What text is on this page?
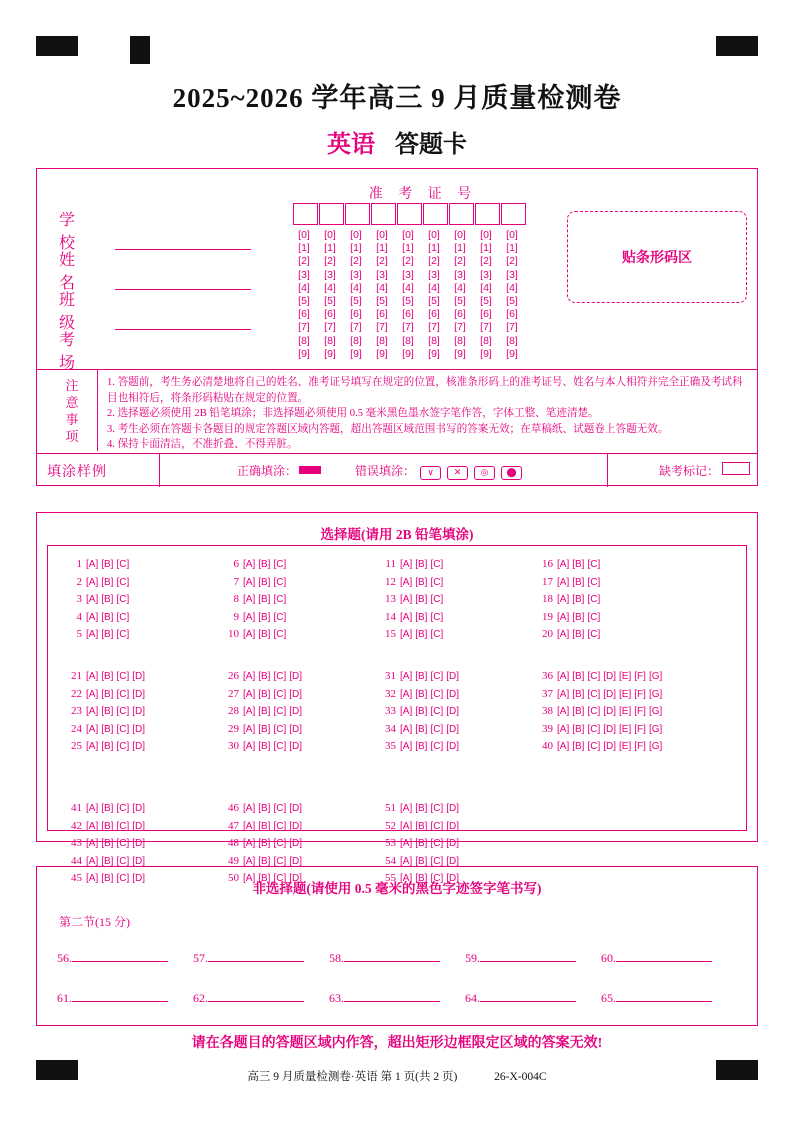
2025~2026 学年高三 9 月质量检测卷
英语 答题卡
学 校
姓 名
班 级
考 场
准 考 证 号
[0]	[0]	[0]	[0]	[0]	[0]	[0]	[0]	[0]
[1]	[1]	[1]	[1]	[1]	[1]	[1]	[1]	[1]
[2]	[2]	[2]	[2]	[2]	[2]	[2]	[2]	[2]
[3]	[3]	[3]	[3]	[3]	[3]	[3]	[3]	[3]
[4]	[4]	[4]	[4]	[4]	[4]	[4]	[4]	[4]
[5]	[5]	[5]	[5]	[5]	[5]	[5]	[5]	[5]
[6]	[6]	[6]	[6]	[6]	[6]	[6]	[6]	[6]
[7]	[7]	[7]	[7]	[7]	[7]	[7]	[7]	[7]
[8]	[8]	[8]	[8]	[8]	[8]	[8]	[8]	[8]
[9]	[9]	[9]	[9]	[9]	[9]	[9]	[9]	[9]
贴条形码区
注
意
事
项

1. 答题前，考生务必清楚地将自己的姓名、准考证号填写在规定的位置，核准条形码上的准考证号、姓名与本人相符并完全正确及考试科目也相符后，将条形码粘贴在规定的位置。

2. 选择题必须使用 2B 铅笔填涂；非选择题必须使用 0.5 毫米黑色墨水签字笔作答，字体工整、笔迹清楚。

3. 考生必须在答题卡各题目的规定答题区域内答题，超出答题区域范围书写的答案无效；在草稿纸、试题卷上答题无效。

4. 保持卡面清洁，不准折叠、不得弄脏。

填涂样例	正确填涂：	错误填涂： ∨ ✕ ◎ ⬤	缺考标记：
选择题(请用 2B 铅笔填涂)
1 [A] [B] [C]
2 [A] [B] [C]
3 [A] [B] [C]
4 [A] [B] [C]
5 [A] [B] [C]
6 [A] [B] [C]
7 [A] [B] [C]
8 [A] [B] [C]
9 [A] [B] [C]
10 [A] [B] [C]
11 [A] [B] [C]
12 [A] [B] [C]
13 [A] [B] [C]
14 [A] [B] [C]
15 [A] [B] [C]
16 [A] [B] [C]
17 [A] [B] [C]
18 [A] [B] [C]
19 [A] [B] [C]
20 [A] [B] [C]
21 [A] [B] [C] [D]
22 [A] [B] [C] [D]
23 [A] [B] [C] [D]
24 [A] [B] [C] [D]
25 [A] [B] [C] [D]
26 [A] [B] [C] [D]
27 [A] [B] [C] [D]
28 [A] [B] [C] [D]
29 [A] [B] [C] [D]
30 [A] [B] [C] [D]
31 [A] [B] [C] [D]
32 [A] [B] [C] [D]
33 [A] [B] [C] [D]
34 [A] [B] [C] [D]
35 [A] [B] [C] [D]
36 [A] [B] [C] [D] [E] [F] [G]
37 [A] [B] [C] [D] [E] [F] [G]
38 [A] [B] [C] [D] [E] [F] [G]
39 [A] [B] [C] [D] [E] [F] [G]
40 [A] [B] [C] [D] [E] [F] [G]
41 [A] [B] [C] [D]
42 [A] [B] [C] [D]
43 [A] [B] [C] [D]
44 [A] [B] [C] [D]
45 [A] [B] [C] [D]
46 [A] [B] [C] [D]
47 [A] [B] [C] [D]
48 [A] [B] [C] [D]
49 [A] [B] [C] [D]
50 [A] [B] [C] [D]
51 [A] [B] [C] [D]
52 [A] [B] [C] [D]
53 [A] [B] [C] [D]
54 [A] [B] [C] [D]
55 [A] [B] [C] [D]
非选择题(请使用 0.5 毫米的黑色字迹签字笔书写)
第二节(15 分)
56.	57.	58.	59.	60.
61.	62.	63.	64.	65.
请在各题目的答题区域内作答，超出矩形边框限定区域的答案无效!
高三 9 月质量检测卷·英语 第 1 页(共 2 页)	26-X-004C
